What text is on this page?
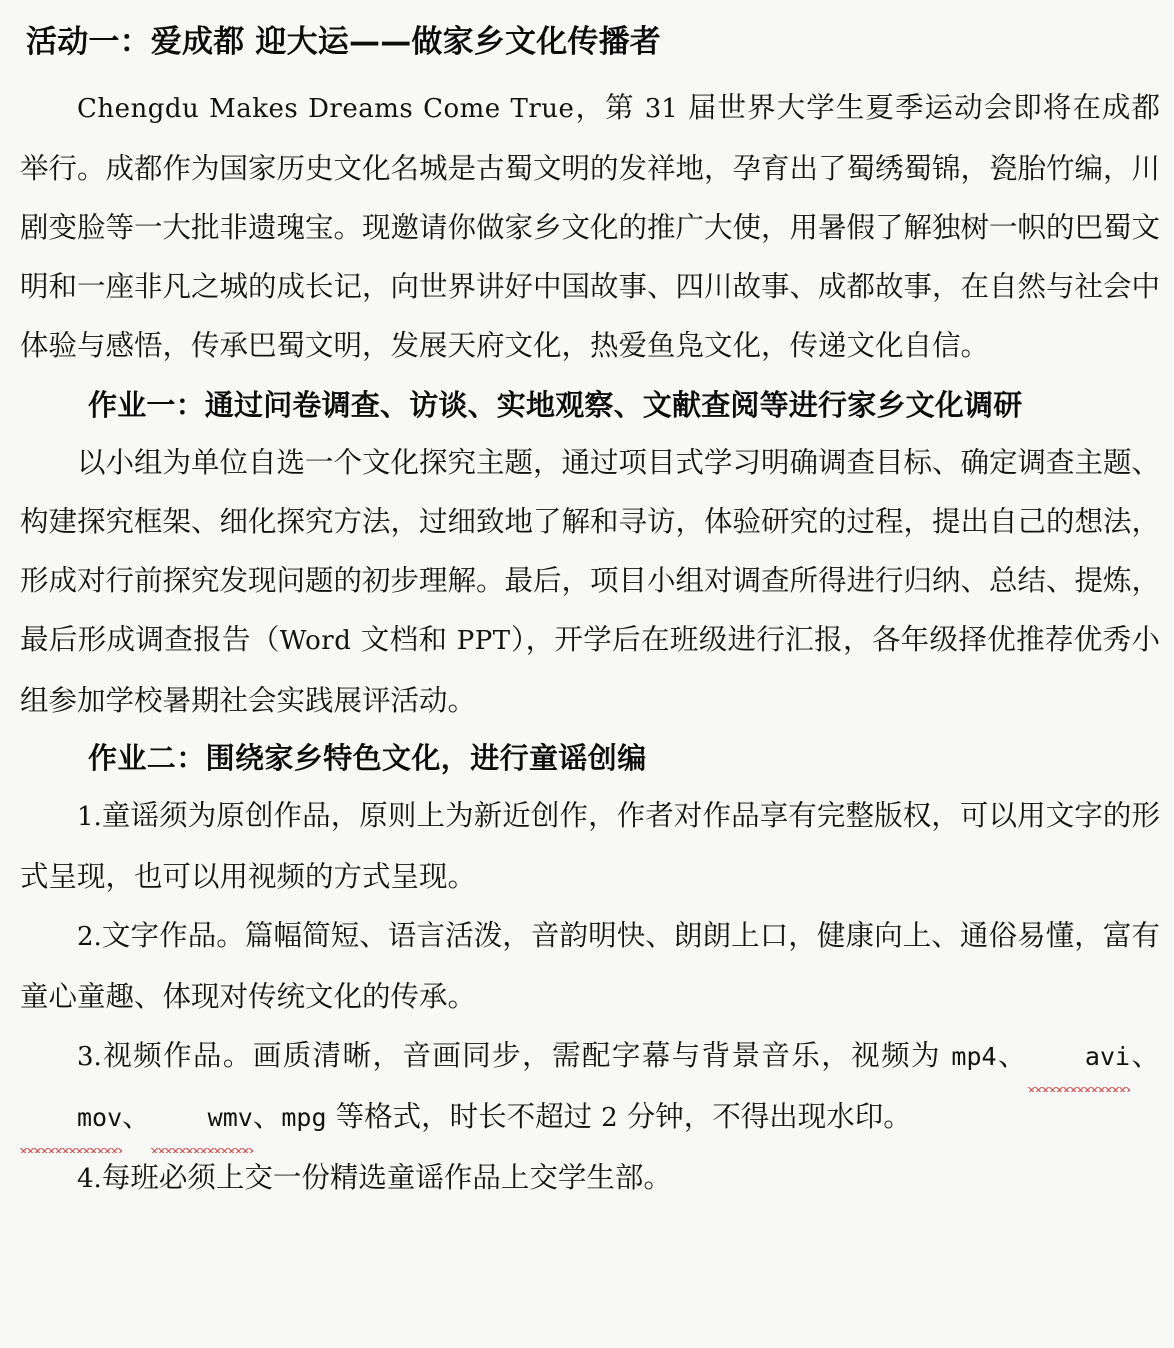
活动一：爱成都 迎大运——做家乡文化传播者

Chengdu Makes Dreams Come True，第 31 届世界大学生夏季运动会即将在成都举行。成都作为国家历史文化名城是古蜀文明的发祥地，孕育出了蜀绣蜀锦，瓷胎竹编，川剧变脸等一大批非遗瑰宝。现邀请你做家乡文化的推广大使，用暑假了解独树一帜的巴蜀文明和一座非凡之城的成长记，向世界讲好中国故事、四川故事、成都故事，在自然与社会中体验与感悟，传承巴蜀文明，发展天府文化，热爱鱼凫文化，传递文化自信。

作业一：通过问卷调查、访谈、实地观察、文献查阅等进行家乡文化调研

以小组为单位自选一个文化探究主题，通过项目式学习明确调查目标、确定调查主题、构建探究框架、细化探究方法，过细致地了解和寻访，体验研究的过程，提出自己的想法，形成对行前探究发现问题的初步理解。最后，项目小组对调查所得进行归纳、总结、提炼，最后形成调查报告（Word 文档和 PPT），开学后在班级进行汇报，各年级择优推荐优秀小组参加学校暑期社会实践展评活动。

作业二：围绕家乡特色文化，进行童谣创编

1.童谣须为原创作品，原则上为新近创作，作者对作品享有完整版权，可以用文字的形式呈现，也可以用视频的方式呈现。

2.文字作品。篇幅简短、语言活泼，音韵明快、朗朗上口，健康向上、通俗易懂，富有童心童趣、体现对传统文化的传承。

3.视频作品。画质清晰，音画同步，需配字幕与背景音乐，视频为 mp4、 avi、mov、 wmv、mpg 等格式，时长不超过 2 分钟，不得出现水印。

4.每班必须上交一份精选童谣作品上交学生部。
